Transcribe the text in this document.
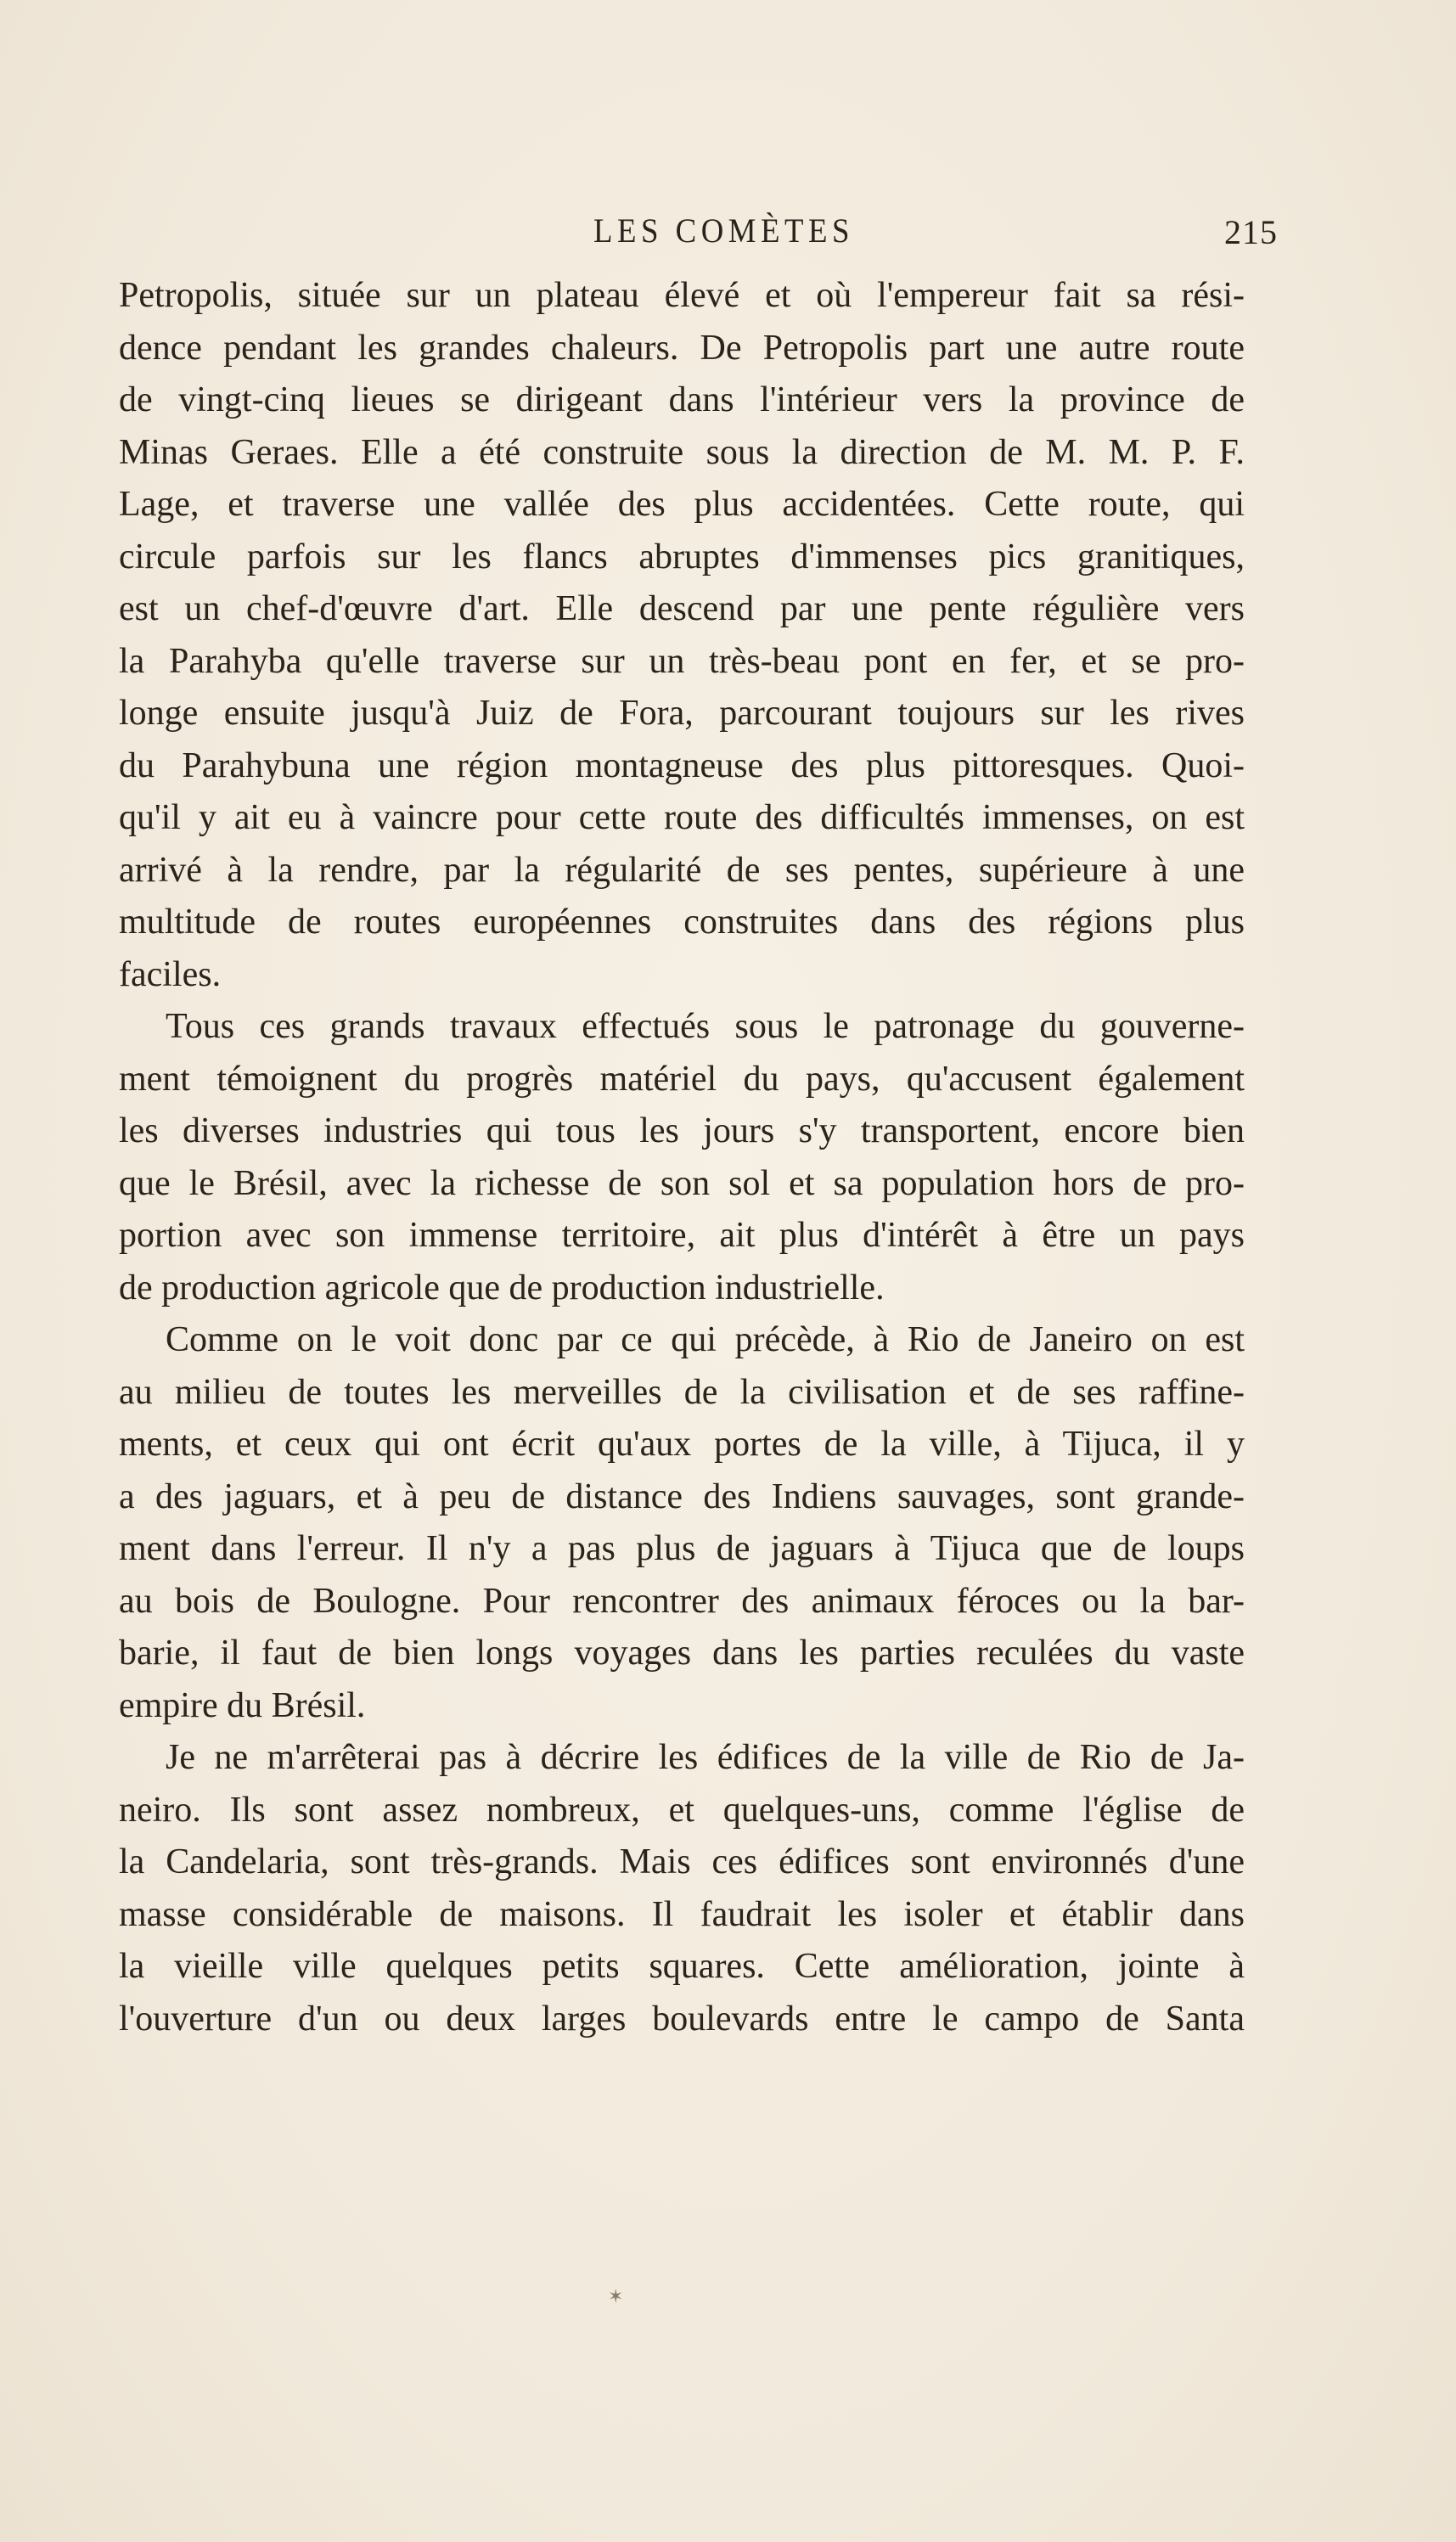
LES COMÈTES	215
Petropolis, située sur un plateau élevé et où l'empereur fait sa rési-
dence pendant les grandes chaleurs. De Petropolis part une autre route
de vingt-cinq lieues se dirigeant dans l'intérieur vers la province de
Minas Geraes. Elle a été construite sous la direction de M. M. P. F.
Lage, et traverse une vallée des plus accidentées. Cette route, qui
circule parfois sur les flancs abruptes d'immenses pics granitiques,
est un chef-d'œuvre d'art. Elle descend par une pente régulière vers
la Parahyba qu'elle traverse sur un très-beau pont en fer, et se pro-
longe ensuite jusqu'à Juiz de Fora, parcourant toujours sur les rives
du Parahybuna une région montagneuse des plus pittoresques. Quoi-
qu'il y ait eu à vaincre pour cette route des difficultés immenses, on est
arrivé à la rendre, par la régularité de ses pentes, supérieure à une
multitude de routes européennes construites dans des régions plus
faciles.
Tous ces grands travaux effectués sous le patronage du gouverne-
ment témoignent du progrès matériel du pays, qu'accusent également
les diverses industries qui tous les jours s'y transportent, encore bien
que le Brésil, avec la richesse de son sol et sa population hors de pro-
portion avec son immense territoire, ait plus d'intérêt à être un pays
de production agricole que de production industrielle.
Comme on le voit donc par ce qui précède, à Rio de Janeiro on est
au milieu de toutes les merveilles de la civilisation et de ses raffine-
ments, et ceux qui ont écrit qu'aux portes de la ville, à Tijuca, il y
a des jaguars, et à peu de distance des Indiens sauvages, sont grande-
ment dans l'erreur. Il n'y a pas plus de jaguars à Tijuca que de loups
au bois de Boulogne. Pour rencontrer des animaux féroces ou la bar-
barie, il faut de bien longs voyages dans les parties reculées du vaste
empire du Brésil.
Je ne m'arrêterai pas à décrire les édifices de la ville de Rio de Ja-
neiro. Ils sont assez nombreux, et quelques-uns, comme l'église de
la Candelaria, sont très-grands. Mais ces édifices sont environnés d'une
masse considérable de maisons. Il faudrait les isoler et établir dans
la vieille ville quelques petits squares. Cette amélioration, jointe à
l'ouverture d'un ou deux larges boulevards entre le campo de Santa
✶
